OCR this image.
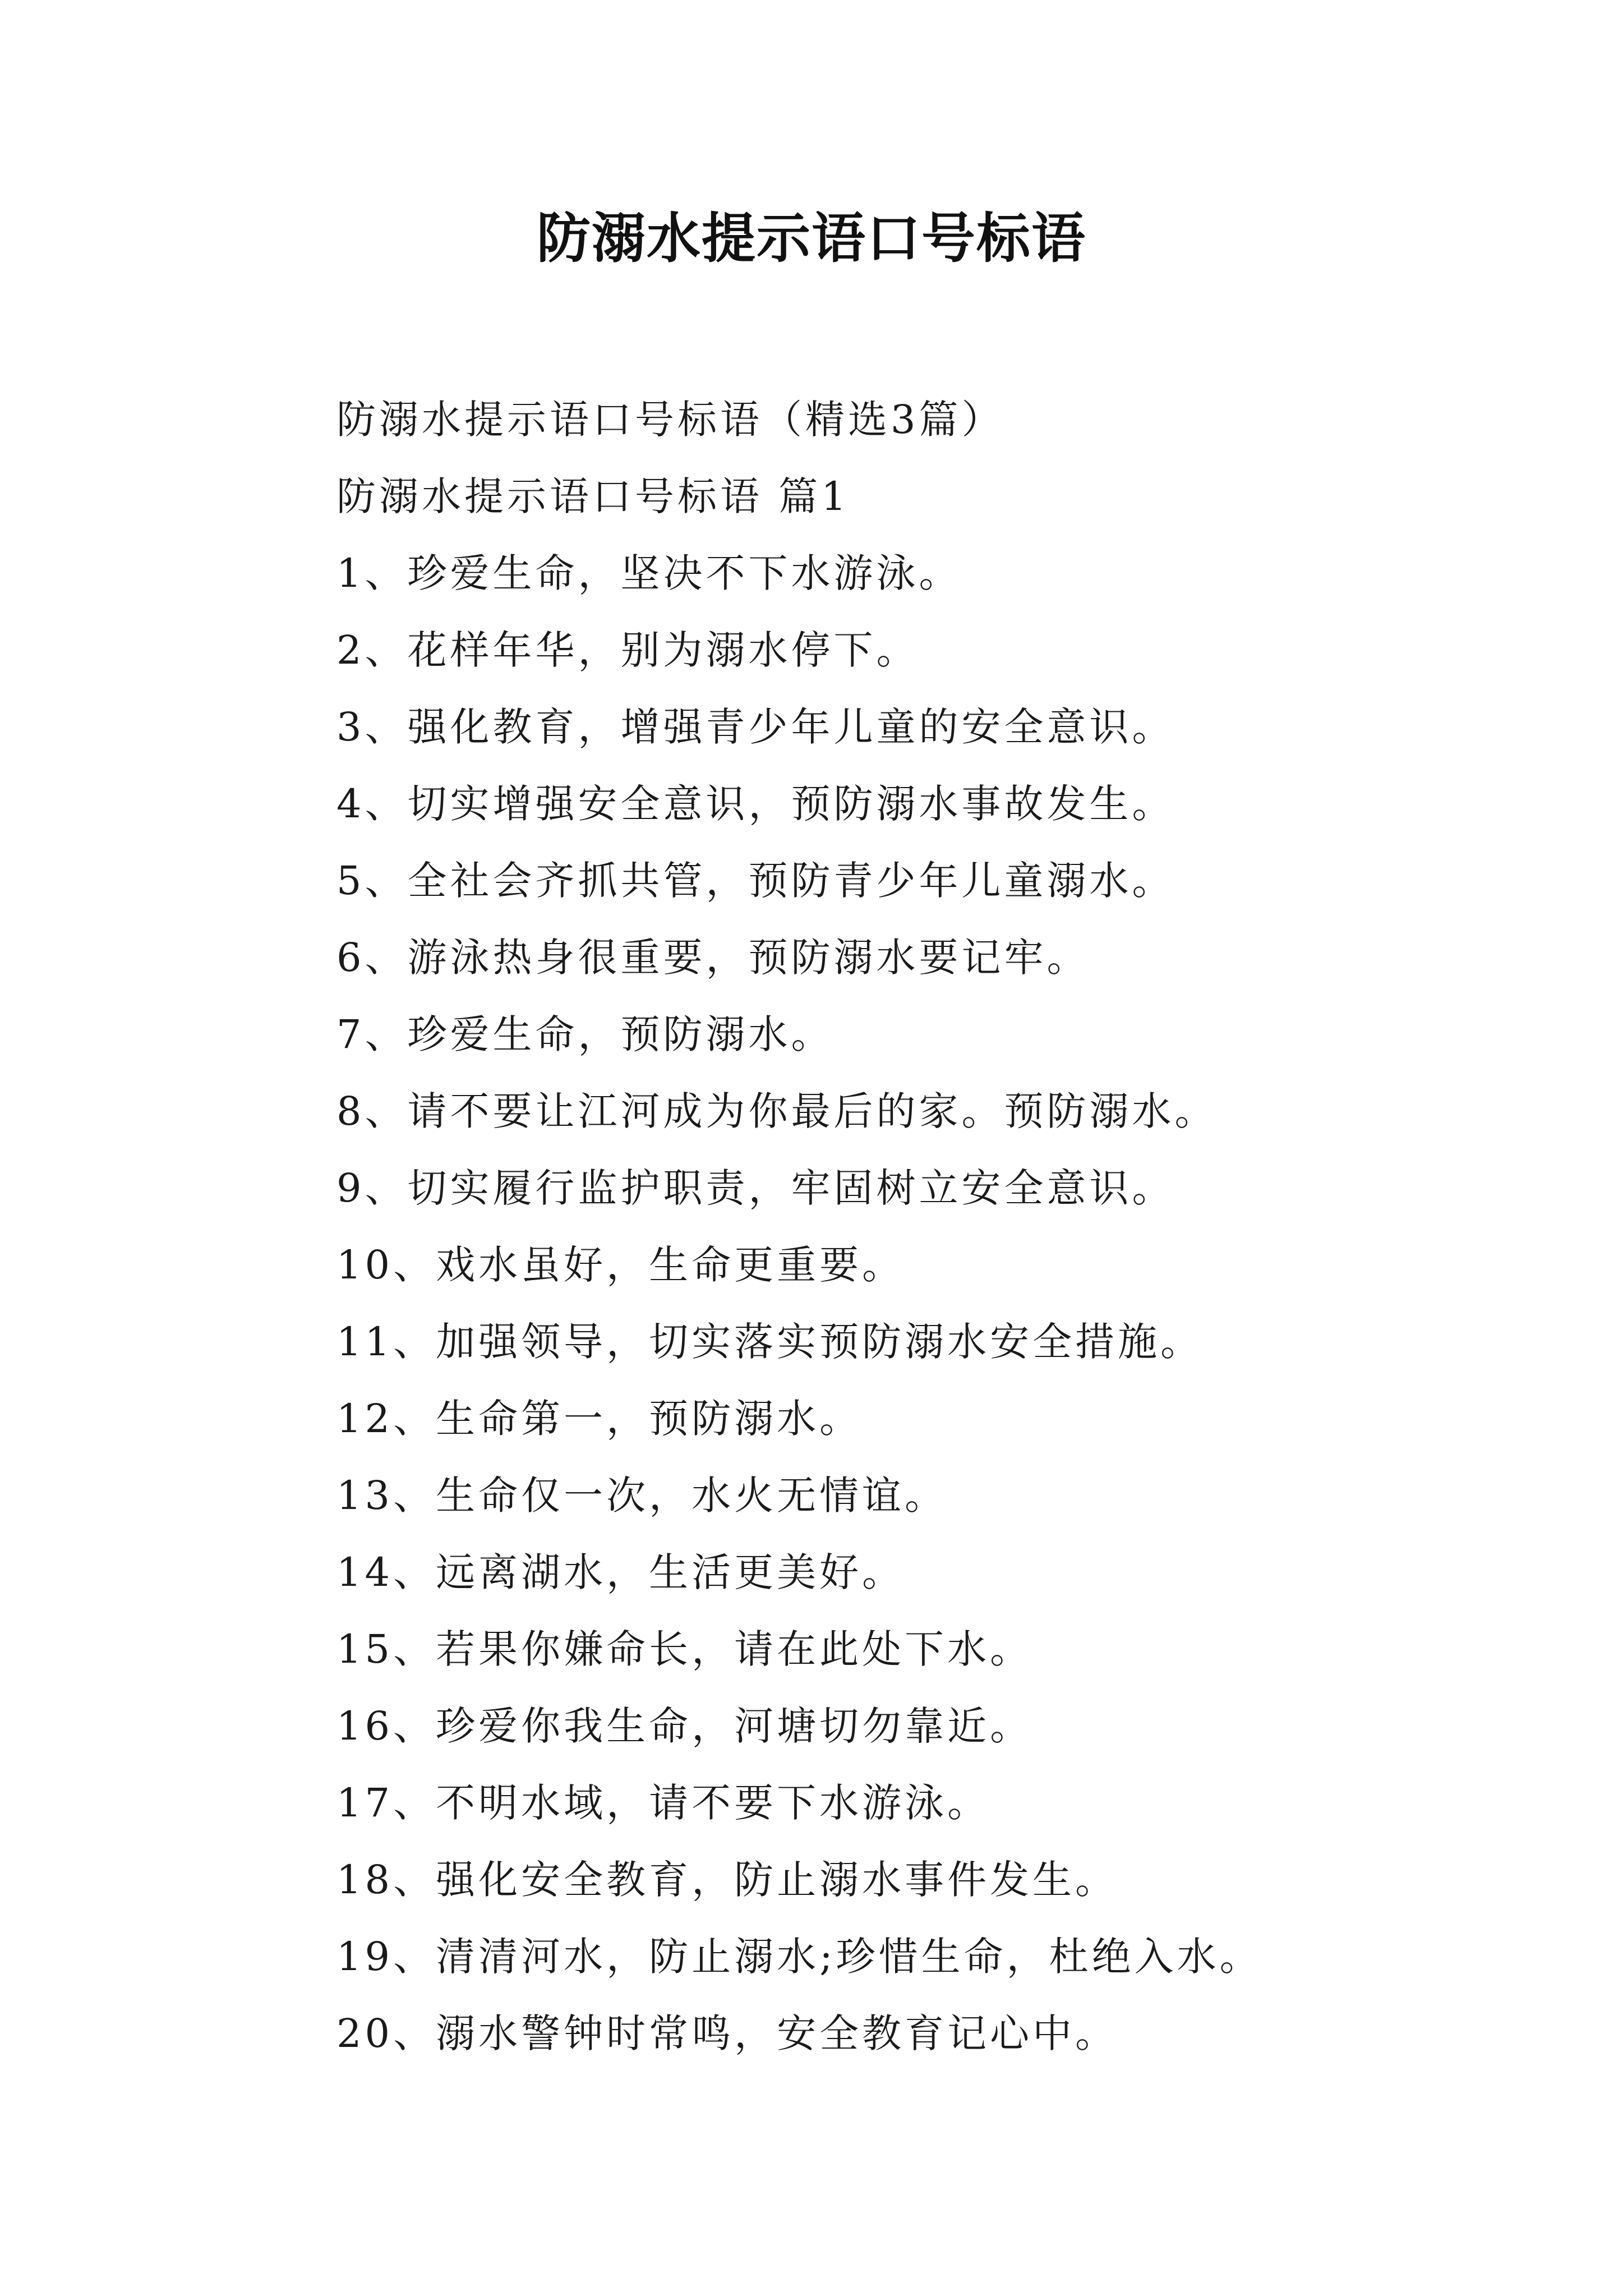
防溺水提示语口号标语
防溺水提示语口号标语（精选3篇）
防溺水提示语口号标语 篇1
1、珍爱生命，坚决不下水游泳。
2、花样年华，别为溺水停下。
3、强化教育，增强青少年儿童的安全意识。
4、切实增强安全意识，预防溺水事故发生。
5、全社会齐抓共管，预防青少年儿童溺水。
6、游泳热身很重要，预防溺水要记牢。
7、珍爱生命，预防溺水。
8、请不要让江河成为你最后的家。预防溺水。
9、切实履行监护职责，牢固树立安全意识。
10、戏水虽好，生命更重要。
11、加强领导，切实落实预防溺水安全措施。
12、生命第一，预防溺水。
13、生命仅一次，水火无情谊。
14、远离湖水，生活更美好。
15、若果你嫌命长，请在此处下水。
16、珍爱你我生命，河塘切勿靠近。
17、不明水域，请不要下水游泳。
18、强化安全教育，防止溺水事件发生。
19、清清河水，防止溺水;珍惜生命，杜绝入水。
20、溺水警钟时常鸣，安全教育记心中。
